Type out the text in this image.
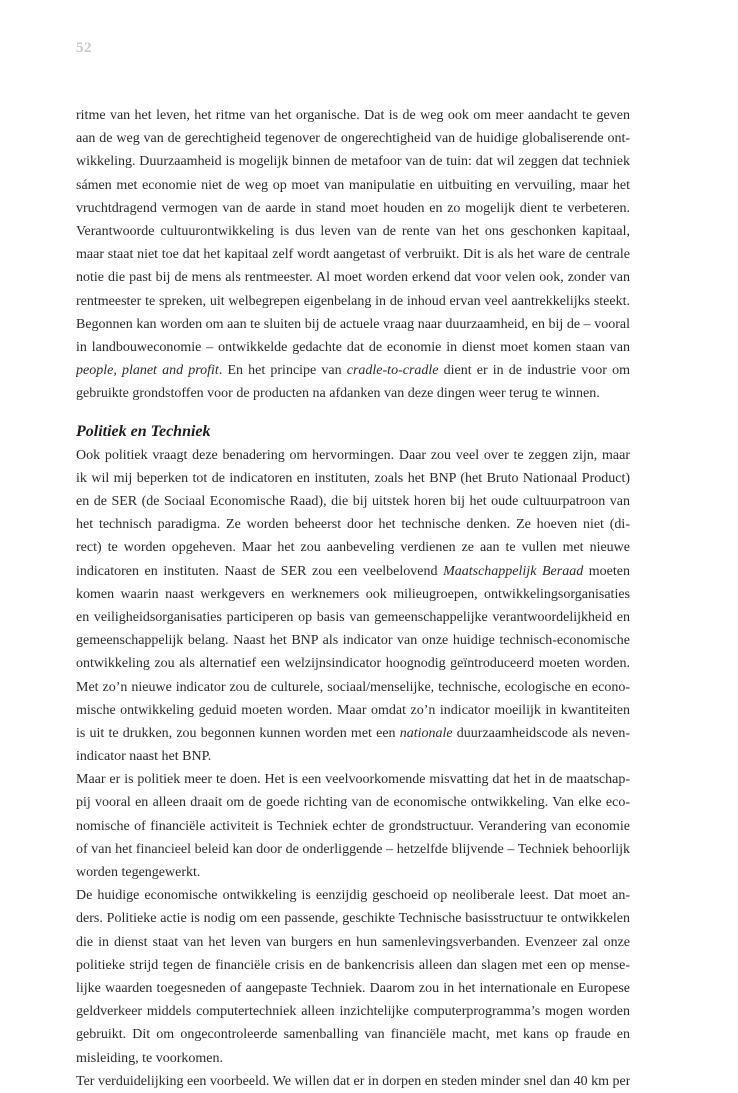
52
ritme van het leven, het ritme van het organische. Dat is de weg ook om meer aandacht te geven
aan de weg van de gerechtigheid tegenover de ongerechtigheid van de huidige globaliserende ont-
wikkeling. Duurzaamheid is mogelijk binnen de metafoor van de tuin: dat wil zeggen dat techniek
sámen met economie niet de weg op moet van manipulatie en uitbuiting en vervuiling, maar het
vruchtdragend vermogen van de aarde in stand moet houden en zo mogelijk dient te verbeteren.
Verantwoorde cultuurontwikkeling is dus leven van de rente van het ons geschonken kapitaal,
maar staat niet toe dat het kapitaal zelf wordt aangetast of verbruikt. Dit is als het ware de centrale
notie die past bij de mens als rentmeester. Al moet worden erkend dat voor velen ook, zonder van
rentmeester te spreken, uit welbegrepen eigenbelang in de inhoud ervan veel aantrekkelijks steekt.
Begonnen kan worden om aan te sluiten bij de actuele vraag naar duurzaamheid, en bij de – vooral
in landbouweconomie – ontwikkelde gedachte dat de economie in dienst moet komen staan van
people, planet and profit. En het principe van cradle-to-cradle dient er in de industrie voor om
gebruikte grondstoffen voor de producten na afdanken van deze dingen weer terug te winnen.
Politiek en Techniek
Ook politiek vraagt deze benadering om hervormingen. Daar zou veel over te zeggen zijn, maar
ik wil mij beperken tot de indicatoren en instituten, zoals het BNP (het Bruto Nationaal Product)
en de SER (de Sociaal Economische Raad), die bij uitstek horen bij het oude cultuurpatroon van
het technisch paradigma. Ze worden beheerst door het technische denken. Ze hoeven niet (di-
rect) te worden opgeheven. Maar het zou aanbeveling verdienen ze aan te vullen met nieuwe
indicatoren en instituten. Naast de SER zou een veelbelovend Maatschappelijk Beraad moeten
komen waarin naast werkgevers en werknemers ook milieugroepen, ontwikkelingsorganisaties
en veiligheidsorganisaties participeren op basis van gemeenschappelijke verantwoordelijkheid en
gemeenschappelijk belang. Naast het BNP als indicator van onze huidige technisch-economische
ontwikkeling zou als alternatief een welzijnsindicator hoognodig geïntroduceerd moeten worden.
Met zo’n nieuwe indicator zou de culturele, sociaal/menselijke, technische, ecologische en econo-
mische ontwikkeling geduid moeten worden. Maar omdat zo’n indicator moeilijk in kwantiteiten
is uit te drukken, zou begonnen kunnen worden met een nationale duurzaamheidscode als neven-
indicator naast het BNP.
Maar er is politiek meer te doen. Het is een veelvoorkomende misvatting dat het in de maatschap-
pij vooral en alleen draait om de goede richting van de economische ontwikkeling. Van elke eco-
nomische of financiële activiteit is Techniek echter de grondstructuur. Verandering van economie
of van het financieel beleid kan door de onderliggende – hetzelfde blijvende – Techniek behoorlijk
worden tegengewerkt.
De huidige economische ontwikkeling is eenzijdig geschoeid op neoliberale leest. Dat moet an-
ders. Politieke actie is nodig om een passende, geschikte Technische basisstructuur te ontwikkelen
die in dienst staat van het leven van burgers en hun samenlevingsverbanden. Evenzeer zal onze
politieke strijd tegen de financiële crisis en de bankencrisis alleen dan slagen met een op mense-
lijke waarden toegesneden of aangepaste Techniek. Daarom zou in het internationale en Europese
geldverkeer middels computertechniek alleen inzichtelijke computerprogramma’s mogen worden
gebruikt. Dit om ongecontroleerde samenballing van financiële macht, met kans op fraude en
misleiding, te voorkomen.
Ter verduidelijking een voorbeeld. We willen dat er in dorpen en steden minder snel dan 40 km per
